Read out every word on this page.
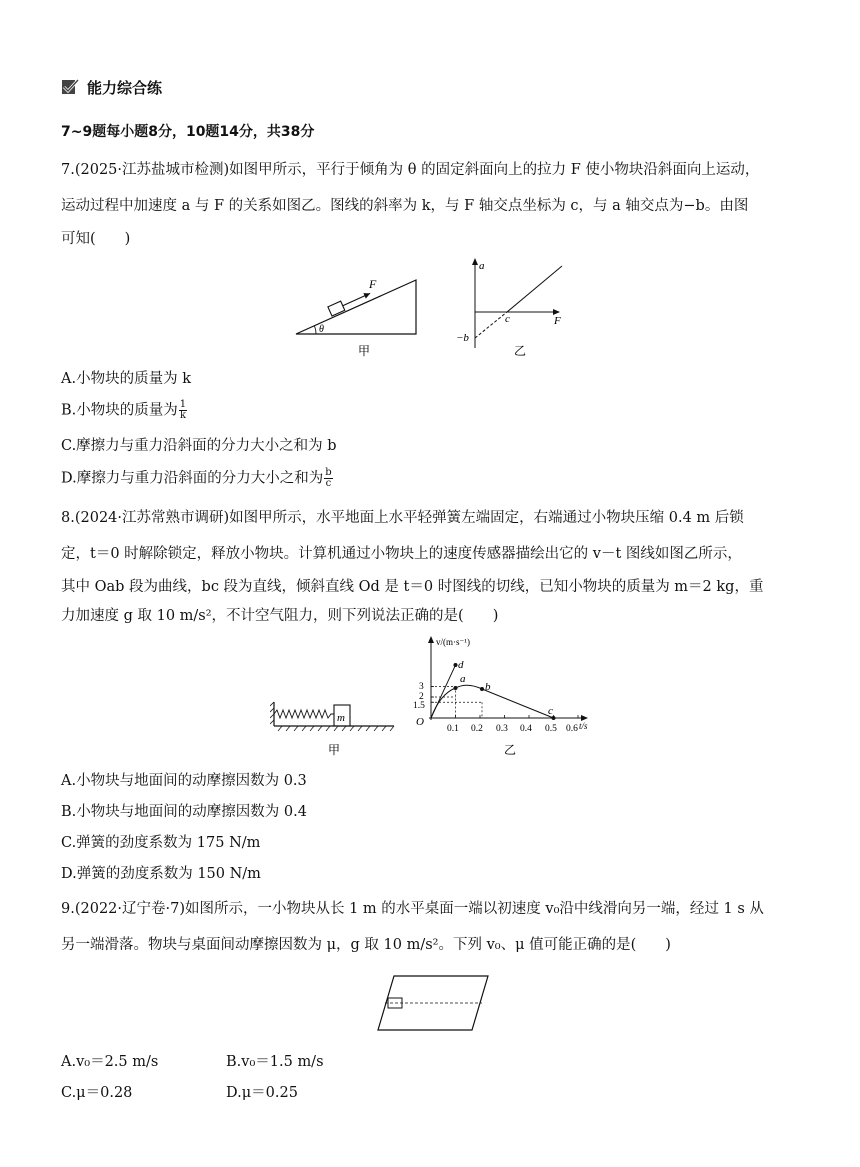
能力综合练
7~9题每小题8分，10题14分，共38分
7.(2025·江苏盐城市检测)如图甲所示，平行于倾角为 θ 的固定斜面向上的拉力 F 使小物块沿斜面向上运动，
运动过程中加速度 a 与 F 的关系如图乙。图线的斜率为 k，与 F 轴交点坐标为 c，与 a 轴交点为−b。由图
可知(　　)
F
θ
甲
a
F
c
−b
乙
A.小物块的质量为 k
B.小物块的质量为 $\frac{1}{k}$
C.摩擦力与重力沿斜面的分力大小之和为 b
D.摩擦力与重力沿斜面的分力大小之和为 $\frac{b}{c}$
8.(2024·江苏常熟市调研)如图甲所示，水平地面上水平轻弹簧左端固定，右端通过小物块压缩 0.4 m 后锁
定，t＝0 时解除锁定，释放小物块。计算机通过小物块上的速度传感器描绘出它的 v－t 图线如图乙所示，
其中 Oab 段为曲线，bc 段为直线，倾斜直线 Od 是 t＝0 时图线的切线，已知小物块的质量为 m＝2 kg，重
力加速度 g 取 10 m/s²，不计空气阻力，则下列说法正确的是(　　)
m
甲
v/(m·s⁻¹)
t/s
O
3
2
1.5
0.1 0.2 0.3 0.4 0.5 0.6
d
a
b
c
乙
A.小物块与地面间的动摩擦因数为 0.3
B.小物块与地面间的动摩擦因数为 0.4
C.弹簧的劲度系数为 175 N/m
D.弹簧的劲度系数为 150 N/m
9.(2022·辽宁卷·7)如图所示，一小物块从长 1 m 的水平桌面一端以初速度 v₀沿中线滑向另一端，经过 1 s 从
另一端滑落。物块与桌面间动摩擦因数为 μ，g 取 10 m/s²。下列 v₀、μ 值可能正确的是(　　)
A.v₀＝2.5 m/s	B.v₀＝1.5 m/s
C.μ＝0.28	D.μ＝0.25
